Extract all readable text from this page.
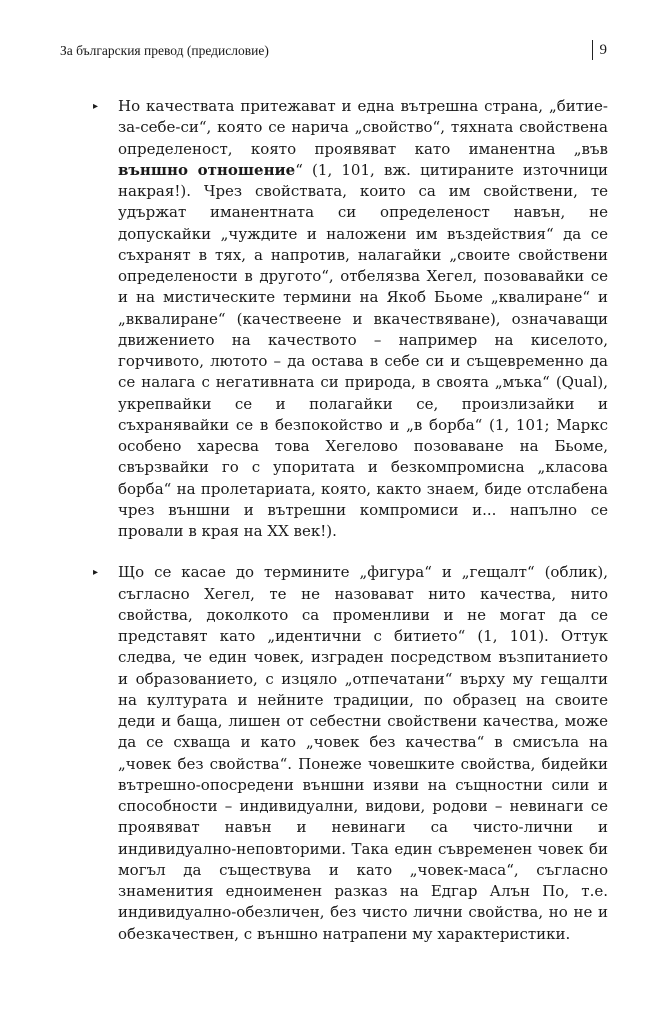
За българския превод (предисловие)	9
▸ Но качествата притежават и една вътрешна страна, „битие-за-себе-си“, която се нарича „свойство“, тяхната свойствена определеност, която проявяват като иманентна „във външно отношение“ (1, 101, вж. цитираните източници накрая!). Чрез свойствата, които са им свойствени, те удържат иманентната си определеност навън, не допускайки „чуждите и наложени им въздействия“ да се съхранят в тях, а напротив, налагайки „своите свойствени определености в другото“, отбелязва Хегел, позовавайки се и на мистическите термини на Якоб Бьоме „квалиране“ и „вквалиране“ (качествеене и вкачествяване), означаващи движението на качеството – например на киселото, горчивото, лютото – да остава в себе си и същевременно да се налага с негативната си природа, в своята „мъка“ (Qual), укрепвайки се и полагайки се, произлизайки и съхранявайки се в безпокойство и „в борба“ (1, 101; Маркс особено харесва това Хегелово позоваване на Бьоме, свързвайки го с упоритата и безкомпромисна „класова борба“ на пролетариата, която, както знаем, биде отслабена чрез външни и вътрешни компромиси и... напълно се провали в края на XX век!).
▸ Що се касае до термините „фигура“ и „гещалт“ (облик), съгласно Хегел, те не назовават нито качества, нито свойства, доколкото са променливи и не могат да се представят като „идентични с битието“ (1, 101). Оттук следва, че един човек, изграден посредством възпитанието и образованието, с изцяло „отпечатани“ върху му гещалти на културата и нейните традиции, по образец на своите деди и баща, лишен от себестни свойствени качества, може да се схваща и като „човек без качества“ в смисъла на „човек без свойства“. Понеже човешките свойства, бидейки вътрешно-опосредени външни изяви на същностни сили и способности – индивидуални, видови, родови – невинаги се проявяват навън и невинаги са чисто-лични и индивидуално-неповторими. Така един съвременен човек би могъл да съществува и като „човек-маса“, съгласно знаменития едноименен разказ на Едгар Алън По, т.е. индивидуално-обезличен, без чисто лични свойства, но не и обезкачествен, с външно натрапени му характеристики.
